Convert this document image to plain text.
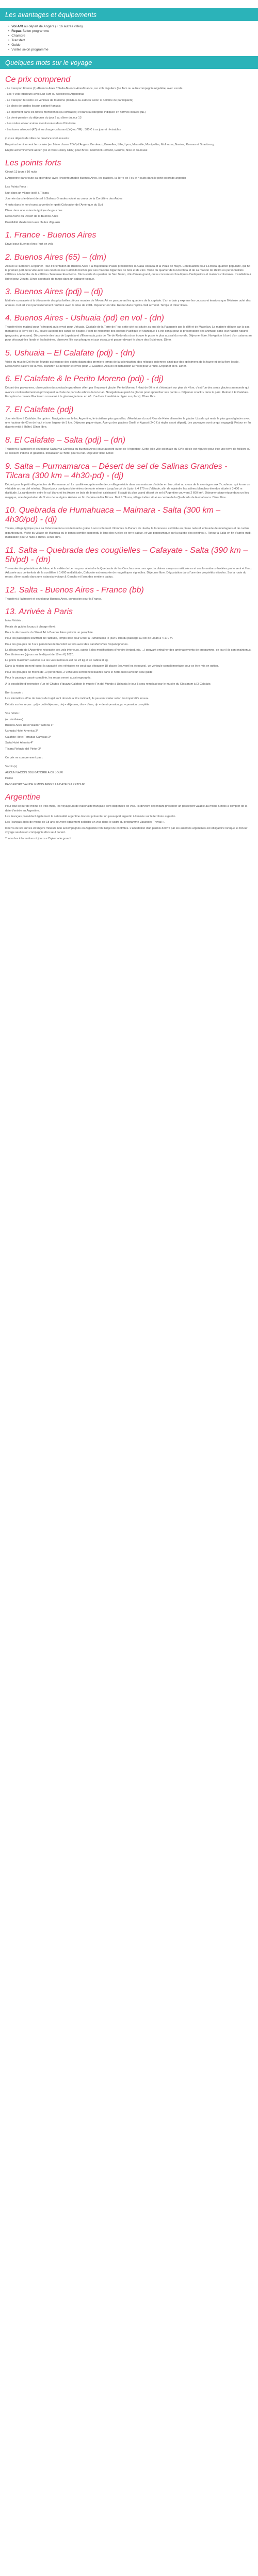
Les avantages et équipements
• Vol A/R au départ de Angers (+ 16 autres villes)
• Repas Selon programme
• Chambre
• Transfert
• Guide
• Visites selon programme
Quelques mots sur le voyage
Ce prix comprend

- Le transport France (1) /Buenos Aires // Salta-Buenos Aires/France, sur vols réguliers (Le Tam ou autre compagnie régulière, avec escale

- Les 4 vols intérieurs avec Lan Tam ou Aérolinées Argentinas

- Le transport terrestre en véhicule de tourisme (minibus ou autocar selon le nombre de participants)

- Le choix de guides locaux parlant français

- Le logement dans les hôtels mentionnés (ou similaires) et dans la catégorie indiquée en normes locales (NL)

- La demi-pension du déjeuner du jour 2 au dîner du jour 13

- Les visites et excursions mentionnées dans l'itinéraire

- Les taxes aéroport (47) et surcharge carburant (YQ ou YR) : 380 € à ce jour et révisables

(1) Les départs de villes de province sont assurés :

En pré acheminement ferroviaire (en 2ème classe TGV) d'Angers, Bordeaux, Bruxelles, Lille, Lyon, Marseille, Montpellier, Mulhouse, Nantes, Rennes et Strasbourg.

En pré acheminement aérien (de et vers Roissy CDG) pour Brest, Clermont-Ferrand, Genève, Nice et Toulouse

Les points forts

Circuit 13 jours / 10 nuits

L'Argentine dans toute sa splendeur avec l'incontournable Buenos Aires, les glaciers, la Terre de Feu et 4 nuits dans le petit colorado argentin

Les Points Forts :

Nuit dans un village isolé à Tilcara

Journée dans le désert de sel à Salinas Grandes voisté au coeur de la Cordillère des Andes

4 nuits dans le nord-ouest argentin le «petit Colorado» de l'Amérique du Sud

Dîner dans une estancia typique de gauchos

Découverte du Désert de la Buenos Aires

Possibilité d'extension aux chutes d'Iguazu

1. France - Buenos Aires

Envol pour Buenos Aires (nuit en vol).

2. Buenos Aires (65) – (dm)

Accueil à l'aéroport. Déjeuner. Tour d'orientation de Buenos Aires : la majestueux Palais présidentiel, la Casa Rosada et la Plaza de Mayo. Continuation pour La Boca, quartier populaire, qui fut le premier port de la ville avec ses célèbres rue Caminito bordée par ses maisons bigarrées de bois et de zinc. Visite du quartier de la Recoleta et de sa maison de Retiro où personnalités célèbres à la tombe de la célèbre chanteuse Eva Peron. Découverte du quartier de San Telmo, cité d'antan grand, ou se concentrent boutiques d'antiquaires et maisons coloniales. Installation à l'hôtel pour 2 nuits. Dîner-spectacle de tango dans un cabaret typique.

3. Buenos Aires (pdj) – (dj)

Matinée consacrée à la découverte des plus belles pièces murales de l'Avant-Art en parcourant les quartiers de la capitale. L'art urbain y exprime les courses et tensions que l'Histoire ou/et des années. Cet art s'est particulièrement renforcé avec la crise de 2001. Déjeuner en ville. Retour dans l'après-midi à l'hôtel. Temps et dîner libres.

4. Buenos Aires - Ushuaia (pd) en vol - (dn)

Transfert très matinal pour l'aéroport, puis envol pour Ushuaia. Capitale de la Terre de Feu, cette cité est située au sud de la Patagonie par la défi et de Magellan. La matinée débute par la pas montant à la Terre de Feu, située au pied des canal de Beagle. Point de rencontre des océans Pacifique et Atlantique il a été conçu pour la préservation des animaux dans leur habitat naturel (pingouins, phoques). Découverte des lacs de Lapataia et d'Ensenada, puis de l'île de Redonda où se trouve le poste le plus austral du monde. Déjeuner libre. Navigation à bord d'un catamaran pour découvrir les fjords et les baleines, observer l'île aux phoques et aux oiseaux et passer devant le phare des Eclaireurs. Dîner.

5. Ushuaia – El Calafate (pdj) - (dn)

Visite du musée Del fin del Mundo qui expose des objets datant des premiers temps de la colonisation, des reliques indiennes ainsi que des spécimens de la faune et de la flore locale. Découverte palière de la ville. Transfert à l'aéroport et envol pour El Calafate. Accueil et installation à l'hôtel pour 3 nuits. Déjeuner libre. Dîner.

6. El Calafate & le Perito Moreno (pdj) - (dj)

Départ des paysannes, observation du spectacle grandiose offert par l'imposant glacier Perito Moreno ! Haut de 60 m et s'étendant sur plus de 4 km, c'est l'un des seuls glaciers au monde qui avance continuellement en provoquant la chute de pans de arbres dans le lac. Navigation au pied du glacier pour approcher ses parois ». Déjeuner snack » dans le parc. Retour à El Calafate. Exception le musée Glaciarum consacré à la glaciologie tenu en 40. L'aul lors transféré à régler sur place). Dîner libre.

7. El Calafate (pdj)

Journée libre à Calafate. En option : Navigation sur le lac Argentino, le troisième plus grand lac d'Amérique du sud Rios de Hielo alimentée le glacier Upsala qui reste le plus grand glacier avec une hauteur de 60 m de haut et une largeur de 5 km. Déjeuner pique-nique. Aperçu des glaciers Onelli et Agassi (240 € à régler avant départ). Les paysages sont ce qui engage@ Retour en fin d'après-midi à l'hôtel. Dîner libre.

8. El Calafate – Salta (pdj) – (dn)

Transfert à l'aéroport et envol pour Salta (via Cordoba ou Buenos Aires) situé au nord-ouest de l'Argentine. Cette jolie ville coloniale du XVIe siècle est réputée pour être une terre de folklore où se croisent indiens et gauchos. Installation à l'hôtel pour la nuit. Déjeuner libre. Dîner.

9. Salta – Purmamarca – Désert de sel de Salinas Grandes - Tilcara (300 km – 4h30-pd) - (dj)

Départ pour le petit village indien de Purmamarca ! La qualité exceptionnelle de ce village réside dans ses maisons d'adobe en bas, situé au creux de la montagne aux 7 couleurs, qui forme un véritable arc en ciel minéral. Départ pour quelques kilomètres de route mineure jusqu'au col de Lipán à 4 170 m d'altitude, afin de rejoindre les salines blanches étendue située à 3 400 m d'altitude. La randonnée entre le col blanc et les Andes en bois de brand est saisissant ! Il s'agit du plus grand désert de sel d'Argentine couvrant 2 600 km². Déjeuner pique-nique dans un lieu magique, une dégustation de 3 vins de la région. Arrivée en fin d'après-midi à Tilcara. Nuit à Tilcara, village indien situé au centre de la Quebrada de Humahuaca. Dîner libre.

10. Quebrada de Humahuaca – Maimara - Salta (300 km – 4h30/pd) - (dj)

Tilcara, village typique pour sa forteresse inca restée intacte grâce à son isolement. Nommée la Pucara de Juella, la forteresse est bâtie en pierre naturel, entourée de montagnes et de cactus gigantesques. Visite du village de Maimara où le temps semble suspendu le long des ruelles de terre battue, et vue panoramique sur la palette des peintres ». Retour à Salta en fin d'après-midi. Installation pour 2 nuits à l'hôtel. Dîner libre.

11. Salta – Quebrada des cougüelles – Cafayate - Salta (390 km – 5h/pd) - (dn)

Traversée des plantations de tabac et la vallée de Lerma pour atteindre la Quebrada de las Conchas avec ses spectaculaires canyons multicolores et ses formations érodées par le vent et l'eau. Adossée aux contreforts de la cordillère à 1 660 m d'altitude, Cafayate est entourée de magnifiques vignobles. Déjeuner libre. Dégustation dans l'une des propriétés viticoles. Sur la route du retour, dîner asado dans une estancia typique & Gaucho et l'arrc des sentiers battus.

12. Salta - Buenos Aires - France (bb)

Transfert à l'aéroport et envol pour Buenos Aires, connexion pour la France.

13. Arrivée à Paris

Infos Vérités :

Relais de guides locaux à charge élevé.

Pour la découverte du Street Art à Buenos Aires prévoir un parapluie.

Pour les passagers souffrant de l'altitude, temps libre pour Dîner à Humahuaca le jour 9 lors du passage au col de Lipán à 4 170 m.

Pour les groupes de 3 à 9 personnes le transfert se fera avec des transferts/des hispanophones.

La découverte de l'Argentine nécessite des vols intérieurs, sujets à des modifications d'horaire (retard, etc. ...) pouvant entraîner des aménagements de programme, ce jour il ils sont maintenus. Des tilmiennes (ajours sur le départ de 18 en 6) 2020.

Le poids maximum autorisé sur les vols intérieurs est de 23 kg et en cabine 8 kg.

Dans la région du nord-ouest la capacité des véhicules ne peut pas dépasser 18 places (souvent les époques), un véhicule complémentaire pour ce être mis en option.

Pour les groupes de moins de 10 personnes, 2 véhicules seront nécessaires dans le nord-ouest avec un seul guide.

Pour le passage passé complète, les repas seront aussi regroupés.

À la possibilité d'extension d'un tel Chutes d'Iguazu Calafate le musée Fin del Mundo à Ushuaia le jour 5 sera remplacé par le musée du Glaciarum à El Calafate.

Bon à savoir :

Les kilomètres et/ou de temps de trajet sont donnés à titre indicatif, ils peuvent varier selon les impératifs locaux.

Détails sur les repas : pdj = petit-déjeuner, dej = déjeuner, din = dîner, dp = demi-pension, pc = pension complète.

Vos hôtels :

(ou similaires)

Buenos Aires Hotel Waldorf Astoria 3*

Ushuaia Hotel America 3*

Calafate Hotel Terrazas Calvaras 3*

Salta Hotel Almeria 4*

Tilcara Refugio del Pintor 3*

Ce prix ne comprennent pas :

Vaccin(s)

AUCUN VACCIN OBLIGATOIRE A CE JOUR

Police

PASSEPORT VALIDE 6 MOIS APRES LA DATE DU RETOUR

Argentine

Pour tout séjour de moins de trois mois, les voyageurs de nationalité française sont dispensés de visa. Ils devront cependant présenter un passeport valable au moins 6 mois à compter de la date d'entrée en Argentine.

Les Français possédant également la nationalité argentine devront présenter un passeport argentin à l'entrée sur le territoire argentin.

Les Français âgés de moins de 18 ans peuvent également solliciter un visa dans le cadre du programme Vacances-Travail ».

Il ne va de soi sur les étrangers mineurs non accompagnés en Argentine font l'objet de contrôles. L'attestation d'un permis délivré par les autorités argentines est obligatoire lorsque le mineur voyage seul ou en compagnie d'un seul parent.

Toutes les informations à jour sur Diplomatie.gouv.fr
